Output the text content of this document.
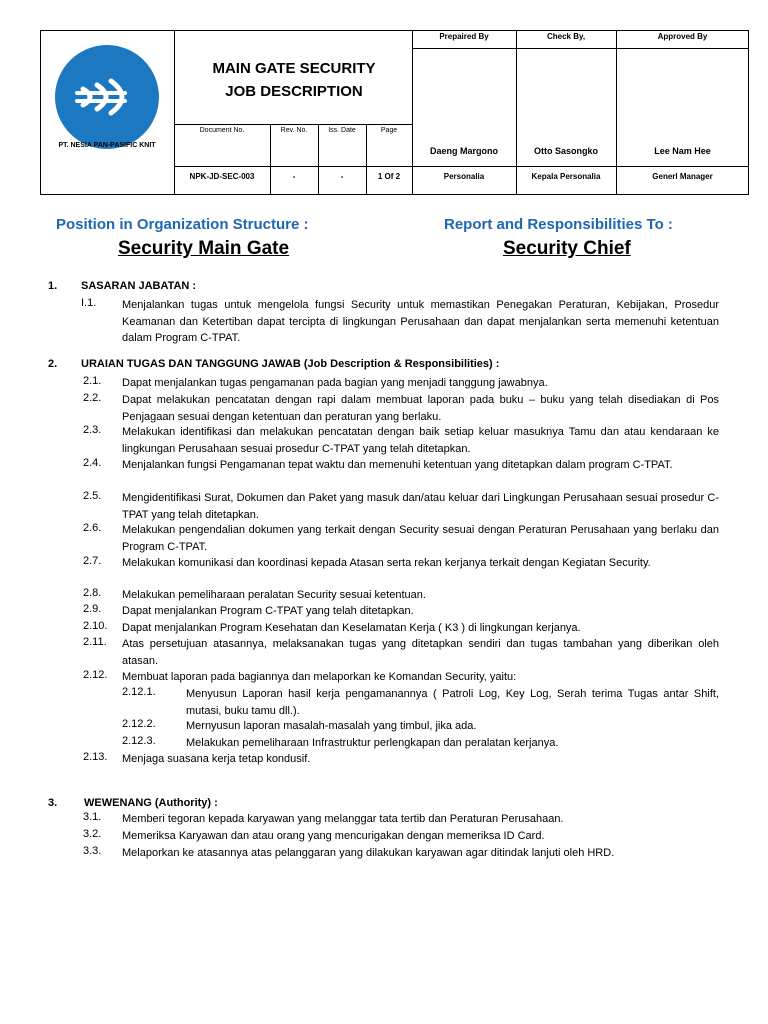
PT. NESIA PAN-PASIFIC KNIT
MAIN GATE SECURITY
JOB DESCRIPTION
Prepaired By	Check By,	Approved By
Daeng Margono	Otto Sasongko	Lee Nam Hee
Personalia	Kepala Personalia	Generl Manager
Document No.	Rev. No.	Iss. Date	Page
NPK-JD-SEC-003	-	-	1 Of 2
Position in Organization Structure :
Security Main Gate
Report and Responsibilities To :
Security Chief
1. SASARAN JABATAN :
I.1. Menjalankan tugas untuk mengelola fungsi Security untuk memastikan Penegakan Peraturan, Kebijakan, Prosedur Keamanan dan Ketertiban dapat tercipta di lingkungan Perusahaan dan dapat menjalankan serta memenuhi ketentuan dalam Program C-TPAT.
2. URAIAN TUGAS DAN TANGGUNG JAWAB (Job Description & Responsibilities) :
2.1. Dapat menjalankan tugas pengamanan pada bagian yang menjadi tanggung jawabnya.
2.2. Dapat melakukan pencatatan dengan rapi dalam membuat laporan pada buku – buku yang telah disediakan di Pos Penjagaan sesuai dengan ketentuan dan peraturan yang berlaku.
2.3. Melakukan identifikasi dan melakukan pencatatan dengan baik setiap keluar masuknya Tamu dan atau kendaraan ke lingkungan Perusahaan sesuai prosedur C-TPAT yang telah ditetapkan.
2.4. Menjalankan fungsi Pengamanan tepat waktu dan memenuhi ketentuan yang ditetapkan dalam program C-TPAT.
2.5. Mengidentifikasi Surat, Dokumen dan Paket yang masuk dan/atau keluar dari Lingkungan Perusahaan sesuai prosedur C-TPAT yang telah ditetapkan.
2.6. Melakukan pengendalian dokumen yang terkait dengan Security sesuai dengan Peraturan Perusahaan yang berlaku dan Program C-TPAT.
2.7. Melakukan komunikasi dan koordinasi kepada Atasan serta rekan kerjanya terkait dengan Kegiatan Security.
2.8. Melakukan pemeliharaan peralatan Security sesuai ketentuan.
2.9. Dapat menjalankan Program C-TPAT yang telah ditetapkan.
2.10. Dapat menjalankan Program Kesehatan dan Keselamatan Kerja ( K3 ) di lingkungan kerjanya.
2.11. Atas persetujuan atasannya, melaksanakan tugas yang ditetapkan sendiri dan tugas tambahan yang diberikan oleh atasan.
2.12. Membuat laporan pada bagiannya dan melaporkan ke Komandan Security, yaitu:
2.12.1.	Menyusun Laporan hasil kerja pengamanannya ( Patroli Log, Key Log, Serah terima Tugas antar Shift, mutasi, buku tamu dll.).
2.12.2.	Mernyusun laporan masalah-masalah yang timbul, jika ada.
2.12.3.	Melakukan pemeliharaan Infrastruktur perlengkapan dan peralatan kerjanya.
2.13. Menjaga suasana kerja tetap kondusif.
3. WEWENANG (Authority) :
3.1. Memberi tegoran kepada karyawan yang melanggar tata tertib dan Peraturan Perusahaan.
3.2. Memeriksa Karyawan dan atau orang yang mencurigakan dengan memeriksa ID Card.
3.3. Melaporkan ke atasannya atas pelanggaran yang dilakukan karyawan agar ditindak lanjuti oleh HRD.
